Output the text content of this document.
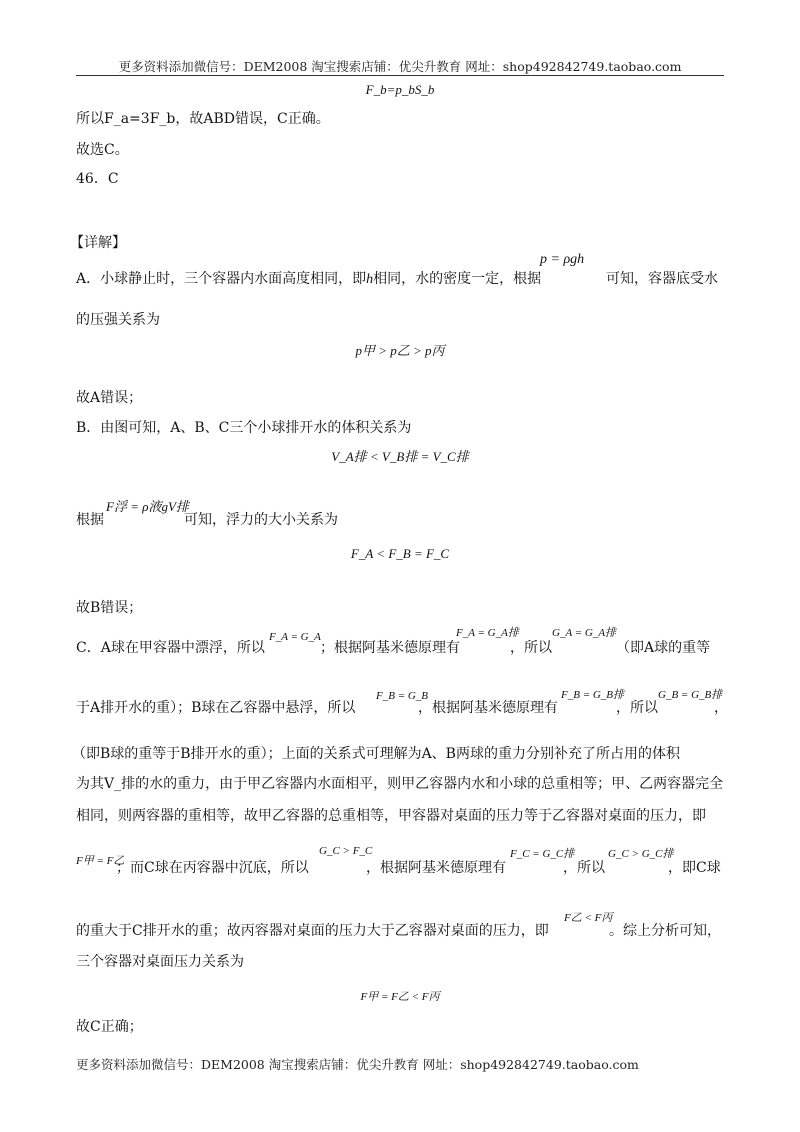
更多资料添加微信号：DEM2008 淘宝搜索店铺：优尖升教育 网址：shop492842749.taobao.com
F_b=p_bS_b
所以F_a=3F_b，故ABD错误，C正确。
故选C。
46．C
【详解】
A．小球静止时，三个容器内水面高度相同，即h相同，水的密度一定，根据
p = ρgh
可知，容器底受水
的压强关系为
p甲 > p乙 > p丙
故A错误；
B．由图可知，A、B、C三个小球排开水的体积关系为
V_A排 < V_B排 = V_C排
根据
F浮 = ρ液gV排
可知，浮力的大小关系为
F_A < F_B = F_C
故B错误；
C．A球在甲容器中漂浮，所以
F_A = G_A
；根据阿基米德原理有
F_A = G_A排
，所以
G_A = G_A排
（即A球的重等
于A排开水的重）；B球在乙容器中悬浮，所以
F_B = G_B
，根据阿基米德原理有
F_B = G_B排
，所以
G_B = G_B排
，
（即B球的重等于B排开水的重）；上面的关系式可理解为A、B两球的重力分别补充了所占用的体积
为其V_排的水的重力，由于甲乙容器内水面相平，则甲乙容器内水和小球的总重相等；甲、乙两容器完全
相同，则两容器的重相等，故甲乙容器的总重相等，甲容器对桌面的压力等于乙容器对桌面的压力，即
F甲 = F乙
；而C球在丙容器中沉底，所以
G_C > F_C
，根据阿基米德原理有
F_C = G_C排
，所以
G_C > G_C排
，即C球
的重大于C排开水的重；故丙容器对桌面的压力大于乙容器对桌面的压力，即
F乙 < F丙
。综上分析可知，
三个容器对桌面压力关系为
F甲 = F乙 < F丙
故C正确；
更多资料添加微信号：DEM2008 淘宝搜索店铺：优尖升教育 网址：shop492842749.taobao.com
